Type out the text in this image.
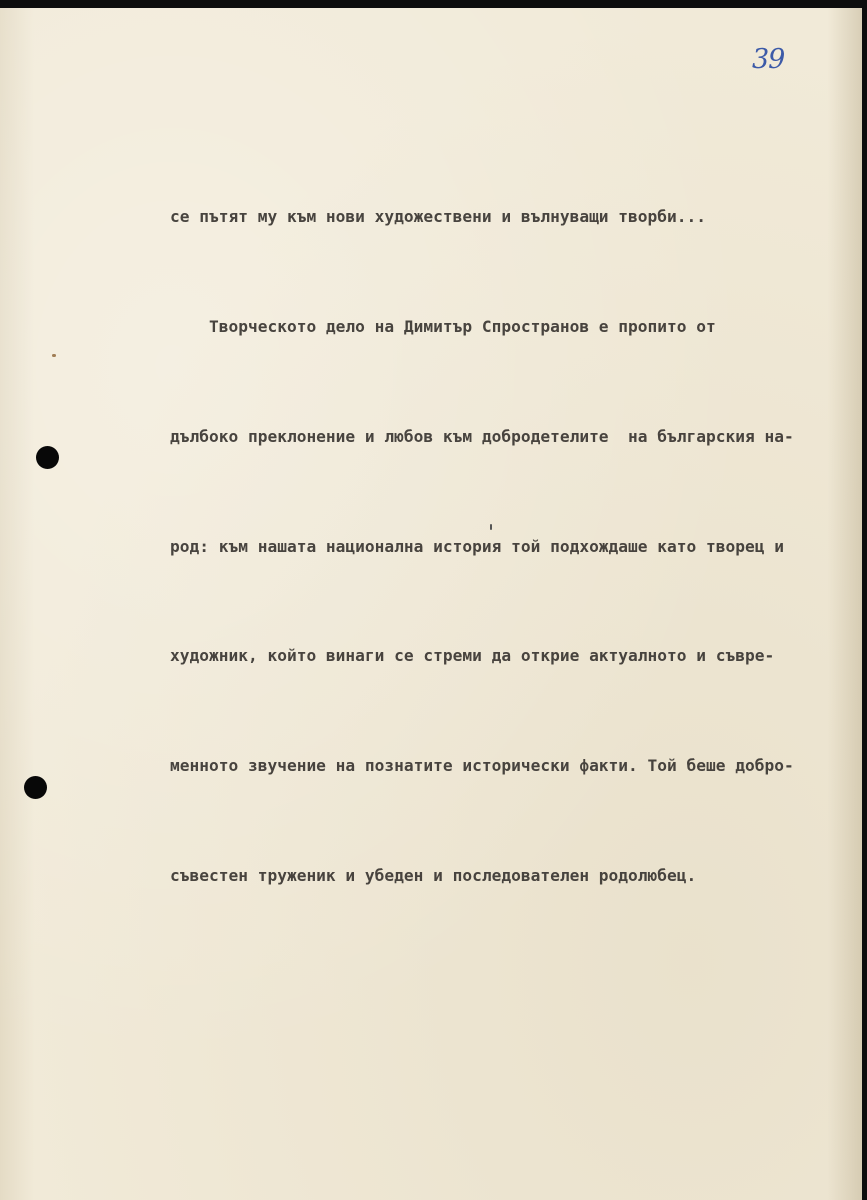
39

се пътят му към нови художествени и вълнуващи творби...

Творческото дело на Димитър Спространов е пропито от

дълбоко преклонение и любов към добродетелите  на българския на-

род: към нашата национална история той подхождаше като творец и

художник, който винаги се стреми да открие актуалното и съвре-

менното звучение на познатите исторически факти. Той беше добро-

съвестен труженик и убеден и последователен родолюбец.
